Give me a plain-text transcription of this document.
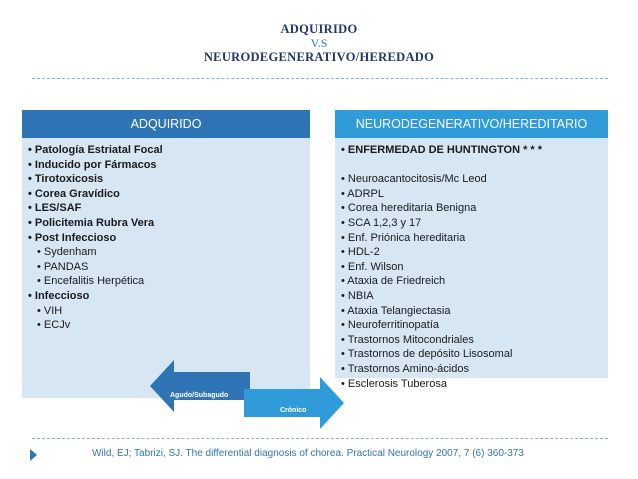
ADQUIRIDO
V.S
NEURODEGENERATIVO/HEREDADO
ADQUIRIDO
• Patología Estriatal Focal
• Inducido por Fármacos
• Tirotoxicosis
• Corea Gravídico
• LES/SAF
• Policitemia Rubra Vera
• Post Infeccioso
• Sydenham
• PANDAS
• Encefalitis Herpética
• Infeccioso
• VIH
• ECJv
NEURODEGENERATIVO/HEREDITARIO
• ENFERMEDAD DE HUNTINGTON * * *
• Neuroacantocitosis/Mc Leod
• ADRPL
• Corea hereditaria Benigna
• SCA 1,2,3 y 17
• Enf. Priónica hereditaria
• HDL-2
• Enf. Wilson
• Ataxia de Friedreich
• NBIA
• Ataxia Telangiectasia
• Neuroferritinopatía
• Trastornos Mitocondriales
• Trastornos de depósito Lisosomal
• Trastornos Amino-ácidos
• Esclerosis Tuberosa
Agudo/Subagudo
Crónico
Wild, EJ; Tabrizi, SJ. The differential diagnosis of chorea. Practical Neurology 2007, 7 (6) 360-373
